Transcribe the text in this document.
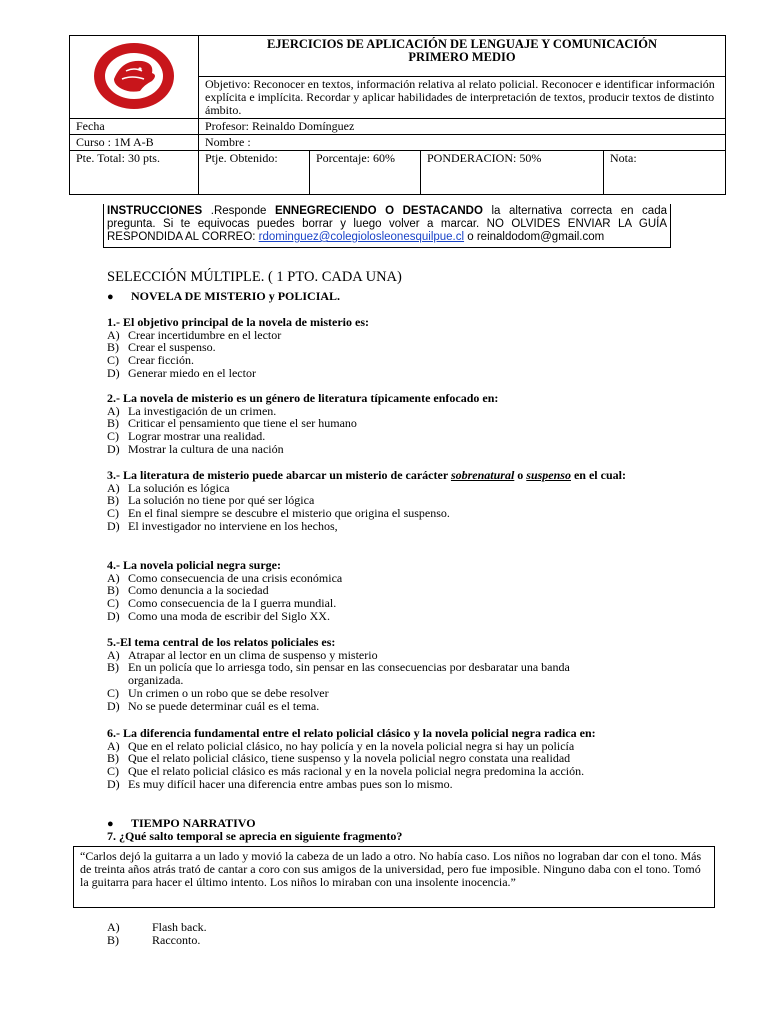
EJERCICIOS DE APLICACIÓN DE LENGUAJE Y COMUNICACIÓN
PRIMERO MEDIO			

	Objetivo: Reconocer en textos, información relativa al relato policial. Reconocer e identificar información explícita e implícita. Recordar y aplicar habilidades de interpretación de textos, producir textos de distinto ámbito.			
Fecha	Profesor: Reinaldo Domínguez			
Curso : 1M A-B	Nombre :			
Pte. Total: 30 pts.	Ptje. Obtenido:	Porcentaje: 60%	PONDERACION: 50%	Nota:
INSTRUCCIONES .Responde ENNEGRECIENDO O DESTACANDO la alternativa correcta en cada pregunta. Si te equivocas puedes borrar y luego volver a marcar. NO OLVIDES ENVIAR LA GUÍA RESPONDIDA AL CORREO: rdominguez@colegiolosleonesquilpue.cl o reinaldodom@gmail.com
SELECCIÓN MÚLTIPLE. ( 1 PTO. CADA UNA)
● NOVELA DE MISTERIO y POLICIAL.
1.- El objetivo principal de la novela de misterio es:
A) Crear incertidumbre en el lector
B) Crear el suspenso.
C) Crear ficción.
D) Generar miedo en el lector
2.- La novela de misterio es un género de literatura típicamente enfocado en:
A) La investigación de un crimen.
B) Criticar el pensamiento que tiene el ser humano
C) Lograr mostrar una realidad.
D) Mostrar la cultura de una nación
3.- La literatura de misterio puede abarcar un misterio de carácter sobrenatural o suspenso en el cual:
A) La solución es lógica
B) La solución no tiene por qué ser lógica
C) En el final siempre se descubre el misterio que origina el suspenso.
D) El investigador no interviene en los hechos,
4.- La novela policial negra surge:
A) Como consecuencia de una crisis económica
B) Como denuncia a la sociedad
C) Como consecuencia de la I guerra mundial.
D) Como una moda de escribir del Siglo XX.
5.-El tema central de los relatos policiales es:
A) Atrapar al lector en un clima de suspenso y misterio
B) En un policía que lo arriesga todo, sin pensar en las consecuencias por desbaratar una banda
organizada.
C) Un crimen o un robo que se debe resolver
D) No se puede determinar cuál es el tema.
6.- La diferencia fundamental entre el relato policial clásico y la novela policial negra radica en:
A) Que en el relato policial clásico, no hay policía y en la novela policial negra si hay un policía
B) Que el relato policial clásico, tiene suspenso y la novela policial negro constata una realidad
C) Que el relato policial clásico es más racional y en la novela policial negra predomina la acción.
D) Es muy difícil hacer una diferencia entre ambas pues son lo mismo.
● TIEMPO NARRATIVO
7. ¿Qué salto temporal se aprecia en siguiente fragmento?
“Carlos dejó la guitarra a un lado y movió la cabeza de un lado a otro. No había caso. Los niños no lograban dar con el tono. Más de treinta años atrás trató de cantar a coro con sus amigos de la universidad, pero fue imposible. Ninguno daba con el tono. Tomó la guitarra para hacer el último intento. Los niños lo miraban con una insolente inocencia.”
A)	Flash back.
B)	Racconto.
